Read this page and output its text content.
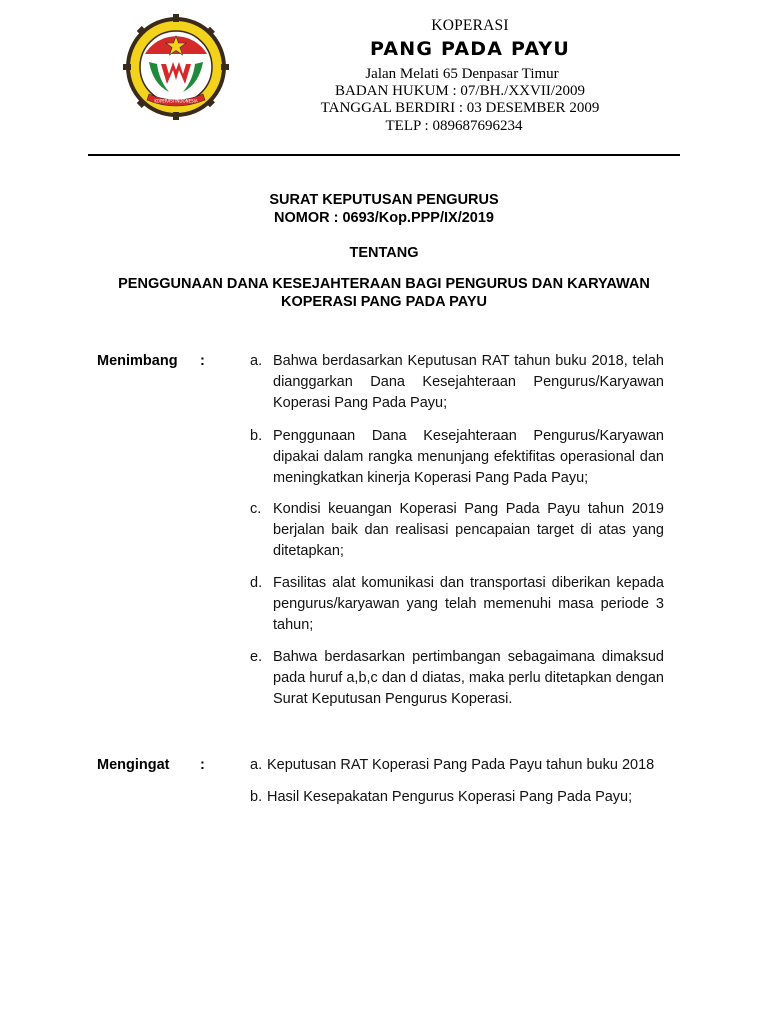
KOPERASI INDONESIA
KOPERASI
PANG PADA PAYU
Jalan Melati 65 Denpasar Timur
BADAN HUKUM : 07/BH./XXVII/2009
TANGGAL BERDIRI : 03 DESEMBER 2009
TELP : 089687696234
SURAT KEPUTUSAN PENGURUS
NOMOR : 0693/Kop.PPP/IX/2019
TENTANG
PENGGUNAAN DANA KESEJAHTERAAN BAGI PENGURUS DAN KARYAWAN
KOPERASI PANG PADA PAYU
Menimbang :	a. Bahwa berdasarkan Keputusan RAT tahun buku 2018, telah dianggarkan Dana Kesejahteraan Pengurus/Karyawan Koperasi Pang Pada Payu;
b. Penggunaan Dana Kesejahteraan Pengurus/Karyawan dipakai dalam rangka menunjang efektifitas operasional dan meningkatkan kinerja Koperasi Pang Pada Payu;
c. Kondisi keuangan Koperasi Pang Pada Payu tahun 2019 berjalan baik dan realisasi pencapaian target di atas yang ditetapkan;
d. Fasilitas alat komunikasi dan transportasi diberikan kepada pengurus/karyawan yang telah memenuhi masa periode 3 tahun;
e. Bahwa berdasarkan pertimbangan sebagaimana dimaksud pada huruf a,b,c dan d diatas, maka perlu ditetapkan dengan Surat Keputusan Pengurus Koperasi.
Mengingat :	a. Keputusan RAT Koperasi Pang Pada Payu tahun buku 2018
b. Hasil Kesepakatan Pengurus Koperasi Pang Pada Payu;
